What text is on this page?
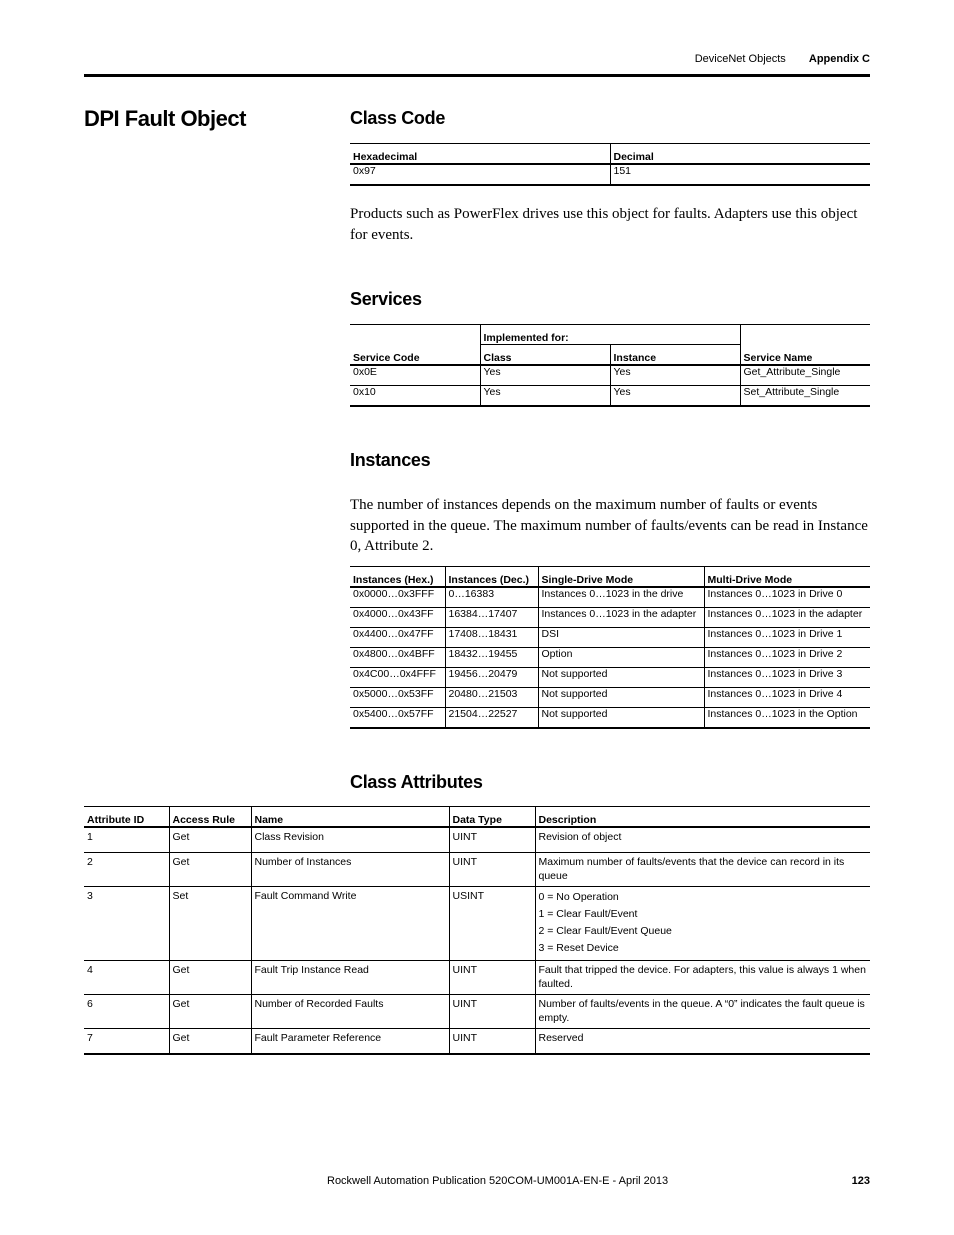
DeviceNet Objects Appendix C
DPI Fault Object	Class Code
Hexadecimal	Decimal
0x97	151
Products such as PowerFlex drives use this object for faults. Adapters use this object for events.
Services
Service Code	Implemented for:		Service Name
	Class	Instance	
0x0E	Yes	Yes	Get_Attribute_Single
0x10	Yes	Yes	Set_Attribute_Single
Instances
The number of instances depends on the maximum number of faults or events supported in the queue. The maximum number of faults/events can be read in Instance 0, Attribute 2.
Instances (Hex.)	Instances (Dec.)	Single-Drive Mode	Multi-Drive Mode
0x0000…0x3FFF	0…16383	Instances 0…1023 in the drive	Instances 0…1023 in Drive 0
0x4000…0x43FF	16384…17407	Instances 0…1023 in the adapter	Instances 0…1023 in the adapter
0x4400…0x47FF	17408…18431	DSI	Instances 0…1023 in Drive 1
0x4800…0x4BFF	18432…19455	Option	Instances 0…1023 in Drive 2
0x4C00…0x4FFF	19456…20479	Not supported	Instances 0…1023 in Drive 3
0x5000…0x53FF	20480…21503	Not supported	Instances 0…1023 in Drive 4
0x5400…0x57FF	21504…22527	Not supported	Instances 0…1023 in the Option
Class Attributes
Attribute ID	Access Rule	Name	Data Type	Description
1	Get	Class Revision	UINT	Revision of object
2	Get	Number of Instances	UINT	Maximum number of faults/events that the device can record in its queue
3	Set	Fault Command Write	USINT	0 = No Operation
1 = Clear Fault/Event
2 = Clear Fault/Event Queue
3 = Reset Device

4	Get	Fault Trip Instance Read	UINT	Fault that tripped the device. For adapters, this value is always 1 when faulted.
6	Get	Number of Recorded Faults	UINT	Number of faults/events in the queue. A “0” indicates the fault queue is empty.
7	Get	Fault Parameter Reference	UINT	Reserved
Rockwell Automation Publication 520COM-UM001A-EN-E - April 2013	123
